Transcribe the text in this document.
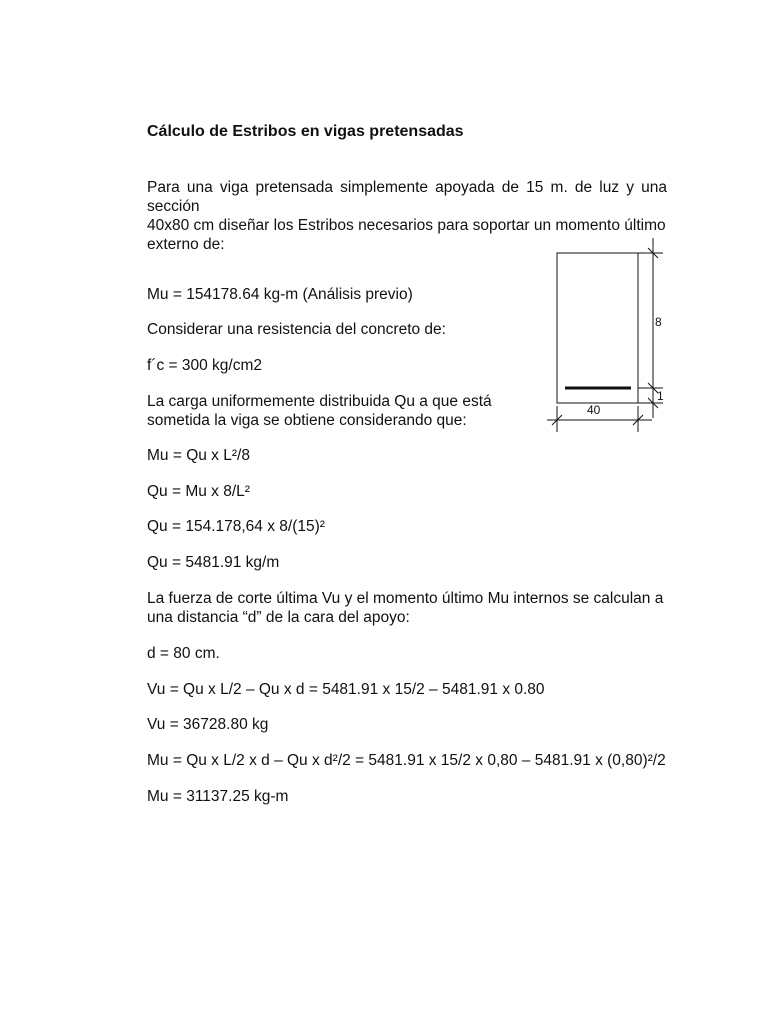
Cálculo de Estribos en vigas pretensadas
Para una viga pretensada simplemente apoyada de 15 m. de luz y una sección
40x80 cm diseñar los Estribos necesarios para soportar un momento último
externo de:
Mu = 154178.64 kg-m (Análisis previo)
Considerar una resistencia del concreto de:
f´c = 300 kg/cm2
La carga uniformemente distribuida Qu a que está
sometida la viga se obtiene considerando que:
Mu = Qu x L²/8
Qu = Mu x 8/L²
Qu = 154.178,64 x 8/(15)²
Qu = 5481.91 kg/m
La fuerza de corte última Vu y el momento último Mu internos se calculan a
una distancia “d” de la cara del apoyo:
d = 80 cm.
Vu = Qu x L/2 – Qu x d = 5481.91 x 15/2 – 5481.91 x 0.80
Vu = 36728.80 kg
Mu = Qu x L/2 x d – Qu x d²/2 = 5481.91 x 15/2 x 0,80 – 5481.91 x (0,80)²/2
Mu = 31137.25 kg-m
40
8
1
